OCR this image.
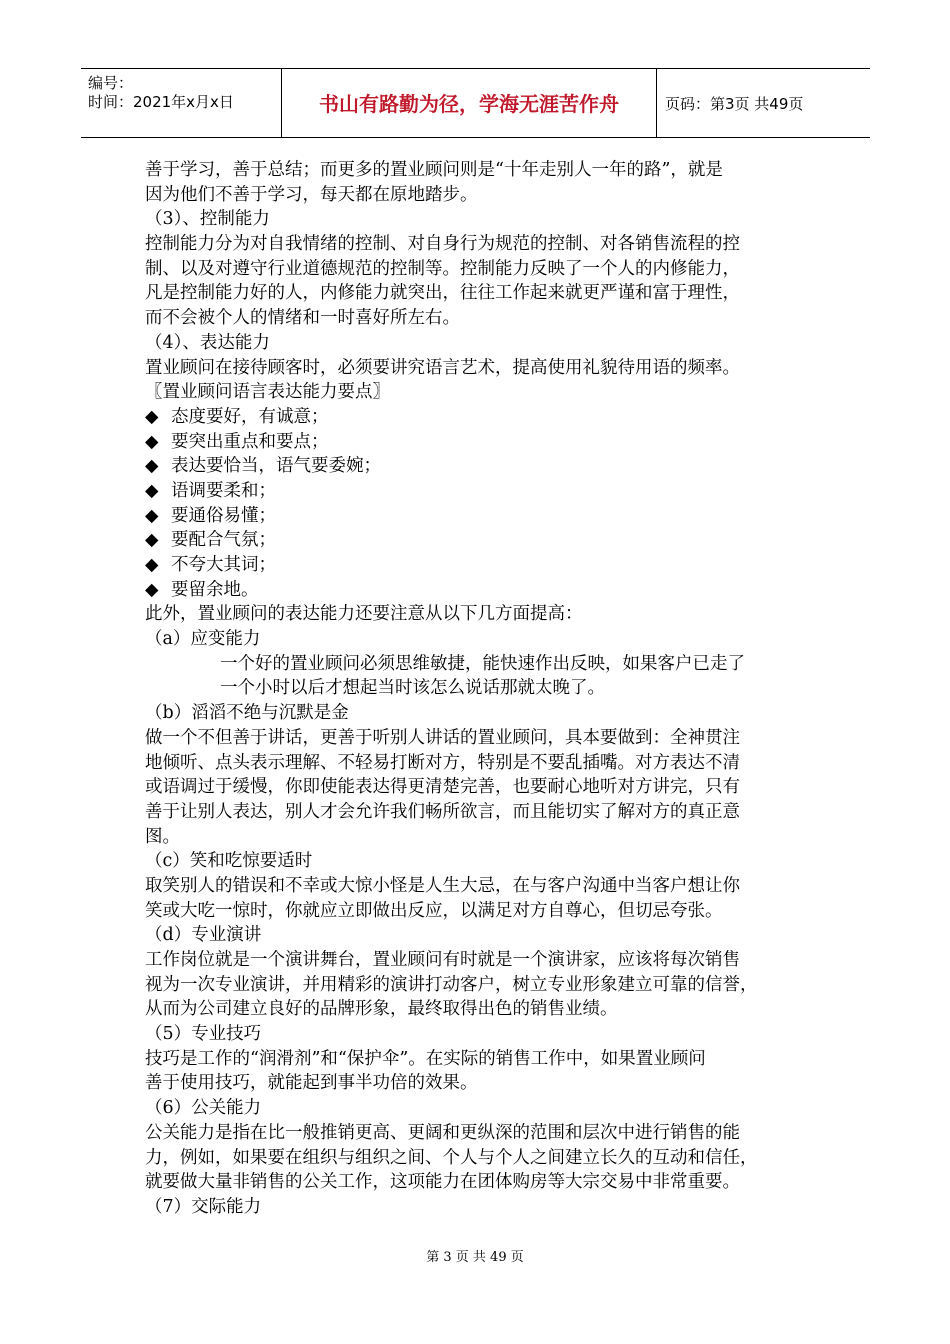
编号：
时间：2021年x月x日	书山有路勤为径，学海无涯苦作舟	页码：第3页 共49页
善于学习，善于总结；而更多的置业顾问则是“十年走别人一年的路”，就是
因为他们不善于学习，每天都在原地踏步。
（3）、控制能力
控制能力分为对自我情绪的控制、对自身行为规范的控制、对各销售流程的控
制、以及对遵守行业道德规范的控制等。控制能力反映了一个人的内修能力，
凡是控制能力好的人，内修能力就突出，往往工作起来就更严谨和富于理性，
而不会被个人的情绪和一时喜好所左右。
（4）、表达能力
置业顾问在接待顾客时，必须要讲究语言艺术，提高使用礼貌待用语的频率。
〖置业顾问语言表达能力要点〗
◆ 态度要好，有诚意；
◆ 要突出重点和要点；
◆ 表达要恰当，语气要委婉；
◆ 语调要柔和；
◆ 要通俗易懂；
◆ 要配合气氛；
◆ 不夸大其词；
◆ 要留余地。
此外，置业顾问的表达能力还要注意从以下几方面提高：
（a）应变能力
一个好的置业顾问必须思维敏捷，能快速作出反映，如果客户已走了
一个小时以后才想起当时该怎么说话那就太晚了。
（b）滔滔不绝与沉默是金
做一个不但善于讲话，更善于听别人讲话的置业顾问，具本要做到：全神贯注
地倾听、点头表示理解、不轻易打断对方，特别是不要乱插嘴。对方表达不清
或语调过于缓慢，你即使能表达得更清楚完善，也要耐心地听对方讲完，只有
善于让别人表达，别人才会允许我们畅所欲言，而且能切实了解对方的真正意
图。
（c）笑和吃惊要适时
取笑别人的错误和不幸或大惊小怪是人生大忌，在与客户沟通中当客户想让你
笑或大吃一惊时，你就应立即做出反应，以满足对方自尊心，但切忌夸张。
（d）专业演讲
工作岗位就是一个演讲舞台，置业顾问有时就是一个演讲家，应该将每次销售
视为一次专业演讲，并用精彩的演讲打动客户，树立专业形象建立可靠的信誉，
从而为公司建立良好的品牌形象，最终取得出色的销售业绩。
（5）专业技巧
技巧是工作的“润滑剂”和“保护伞”。在实际的销售工作中，如果置业顾问
善于使用技巧，就能起到事半功倍的效果。
（6）公关能力
公关能力是指在比一般推销更高、更阔和更纵深的范围和层次中进行销售的能
力，例如，如果要在组织与组织之间、个人与个人之间建立长久的互动和信任，
就要做大量非销售的公关工作，这项能力在团体购房等大宗交易中非常重要。
（7）交际能力
第 3 页 共 49 页
